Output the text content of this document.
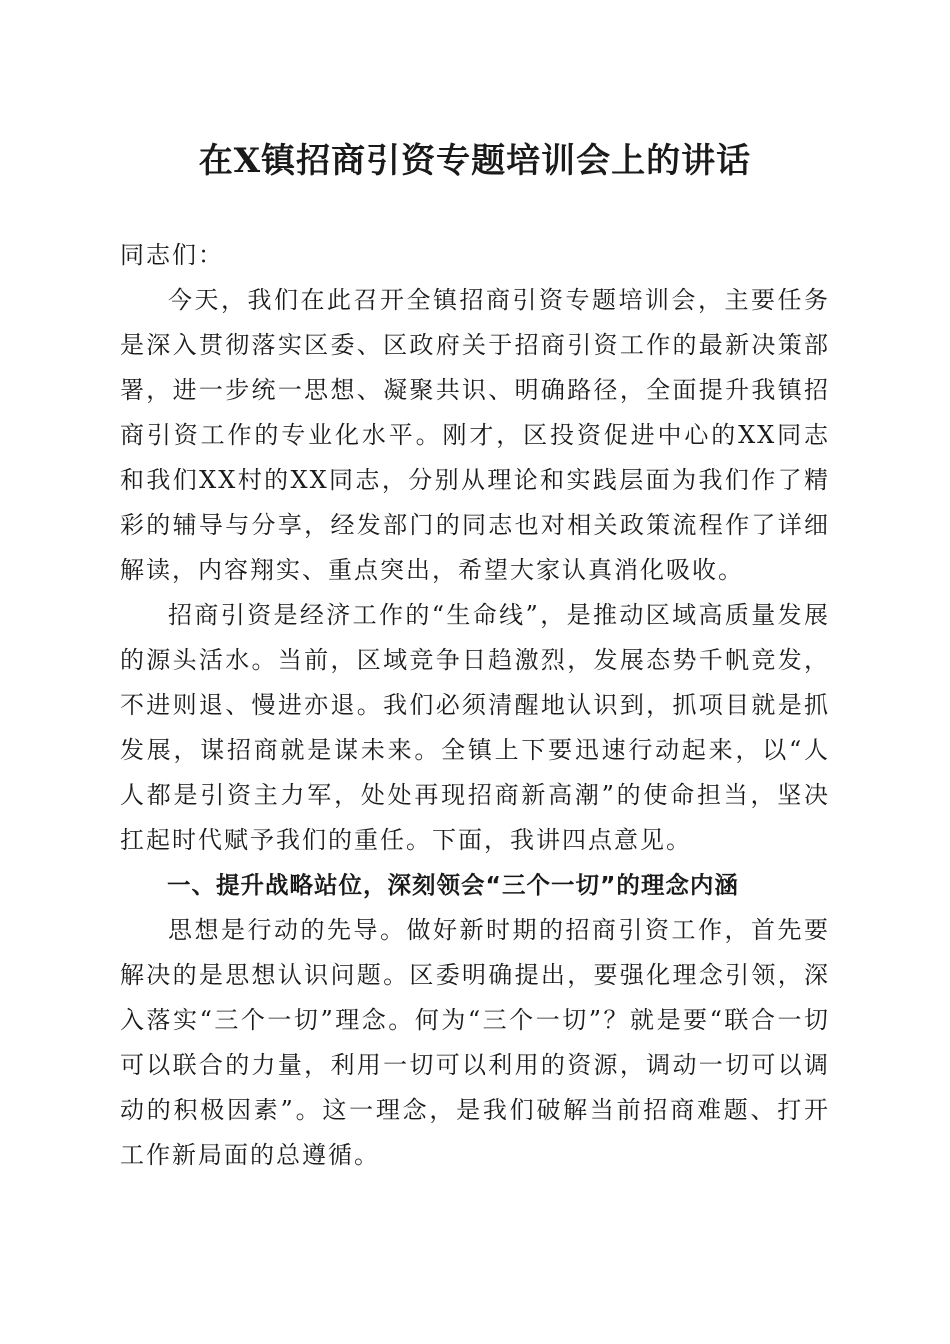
在X镇招商引资专题培训会上的讲话

同志们：

今天，我们在此召开全镇招商引资专题培训会，主要任务是深入贯彻落实区委、区政府关于招商引资工作的最新决策部署，进一步统一思想、凝聚共识、明确路径，全面提升我镇招商引资工作的专业化水平。刚才，区投资促进中心的XX同志和我们XX村的XX同志，分别从理论和实践层面为我们作了精彩的辅导与分享，经发部门的同志也对相关政策流程作了详细解读，内容翔实、重点突出，希望大家认真消化吸收。

招商引资是经济工作的“生命线”，是推动区域高质量发展的源头活水。当前，区域竞争日趋激烈，发展态势千帆竞发，不进则退、慢进亦退。我们必须清醒地认识到，抓项目就是抓发展，谋招商就是谋未来。全镇上下要迅速行动起来，以“人人都是引资主力军，处处再现招商新高潮”的使命担当，坚决扛起时代赋予我们的重任。下面，我讲四点意见。

一、提升战略站位，深刻领会“三个一切”的理念内涵

思想是行动的先导。做好新时期的招商引资工作，首先要解决的是思想认识问题。区委明确提出，要强化理念引领，深入落实“三个一切”理念。何为“三个一切”？就是要“联合一切可以联合的力量，利用一切可以利用的资源，调动一切可以调动的积极因素”。这一理念，是我们破解当前招商难题、打开工作新局面的总遵循。
